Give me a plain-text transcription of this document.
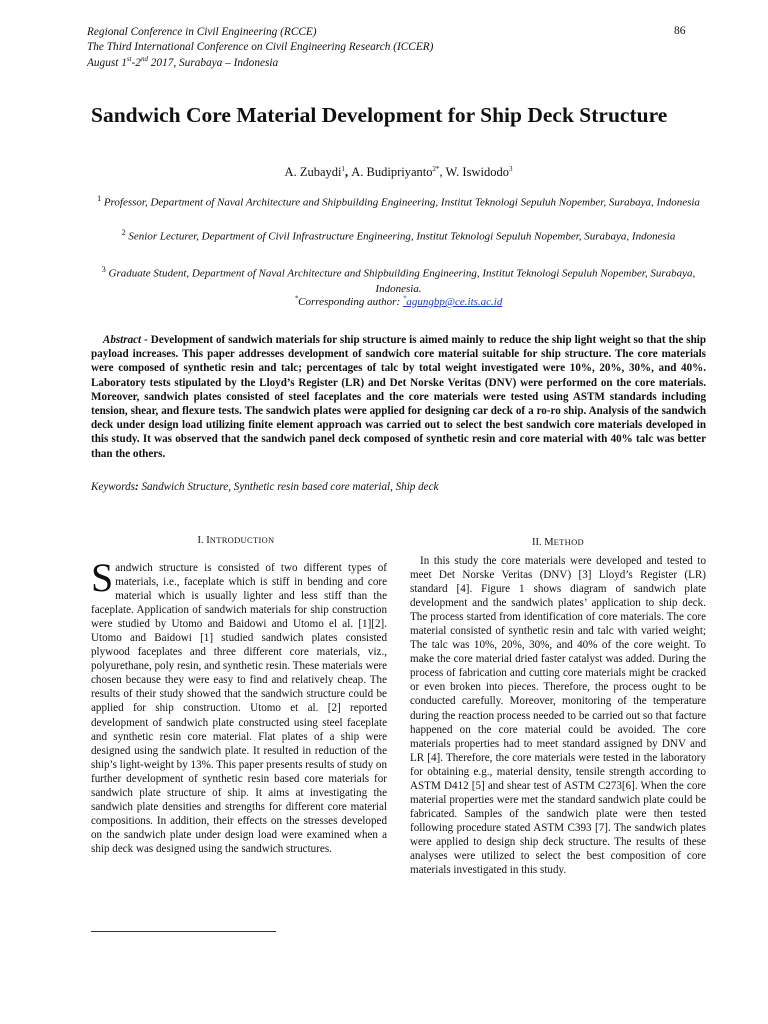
Regional Conference in Civil Engineering (RCCE)
The Third International Conference on Civil Engineering Research (ICCER)
August 1st-2nd 2017, Surabaya – Indonesia
86
Sandwich Core Material Development for Ship Deck Structure
A. Zubaydi$^1$, A. Budipriyanto$^{2*}$, W. Iswidodo$^3$
$^1$ Professor, Department of Naval Architecture and Shipbuilding Engineering, Institut Teknologi Sepuluh Nopember, Surabaya, Indonesia
$^2$ Senior Lecturer, Department of Civil Infrastructure Engineering, Institut Teknologi Sepuluh Nopember, Surabaya, Indonesia
$^3$ Graduate Student, Department of Naval Architecture and Shipbuilding Engineering, Institut Teknologi Sepuluh Nopember, Surabaya, Indonesia.
*Corresponding author: *agungbp@ce.its.ac.id
Abstract - Development of sandwich materials for ship structure is aimed mainly to reduce the ship light weight so that the ship payload increases. This paper addresses development of sandwich core material suitable for ship structure. The core materials were composed of synthetic resin and talc; percentages of talc by total weight investigated were 10%, 20%, 30%, and 40%. Laboratory tests stipulated by the Lloyd’s Register (LR) and Det Norske Veritas (DNV) were performed on the core materials. Moreover, sandwich plates consisted of steel faceplates and the core materials were tested using ASTM standards including tension, shear, and flexure tests. The sandwich plates were applied for designing car deck of a ro-ro ship. Analysis of the sandwich deck under design load utilizing finite element approach was carried out to select the best sandwich core materials developed in this study. It was observed that the sandwich panel deck composed of synthetic resin and core material with 40% talc was better than the others.
Keywords: Sandwich Structure, Synthetic resin based core material, Ship deck
I. INTRODUCTION
Sandwich structure is consisted of two different types of materials, i.e., faceplate which is stiff in bending and core material which is usually lighter and less stiff than the faceplate. Application of sandwich materials for ship construction were studied by Utomo and Baidowi and Utomo el al. [1][2]. Utomo and Baidowi [1] studied sandwich plates consisted plywood faceplates and three different core materials, viz., polyurethane, poly resin, and synthetic resin. These materials were chosen because they were easy to find and relatively cheap. The results of their study showed that the sandwich structure could be applied for ship construction. Utomo et al. [2] reported development of sandwich plate constructed using steel faceplate and synthetic resin core material. Flat plates of a ship were designed using the sandwich plate. It resulted in reduction of the ship’s light-weight by 13%. This paper presents results of study on further development of synthetic resin based core materials for sandwich plate structure of ship. It aims at investigating the sandwich plate densities and strengths for different core material compositions. In addition, their effects on the stresses developed on the sandwich plate under design load were examined when a ship deck was designed using the sandwich structures.
II. METHOD
In this study the core materials were developed and tested to meet Det Norske Veritas (DNV) [3] Lloyd’s Register (LR) standard [4]. Figure 1 shows diagram of sandwich plate development and the sandwich plates’ application to ship deck. The process started from identification of core materials. The core material consisted of synthetic resin and talc with varied weight; The talc was 10%, 20%, 30%, and 40% of the core weight. To make the core material dried faster catalyst was added. During the process of fabrication and cutting core materials might be cracked or even broken into pieces. Therefore, the process ought to be conducted carefully. Moreover, monitoring of the temperature during the reaction process needed to be carried out so that facture happened on the core material could be avoided. The core materials properties had to meet standard assigned by DNV and LR [4]. Therefore, the core materials were tested in the laboratory for obtaining e.g., material density, tensile strength according to ASTM D412 [5] and shear test of ASTM C273[6]. When the core material properties were met the standard sandwich plate could be fabricated. Samples of the sandwich plate were then tested following procedure stated ASTM C393 [7]. The sandwich plates were applied to design ship deck structure. The results of these analyses were utilized to select the best composition of core materials investigated in this study.
